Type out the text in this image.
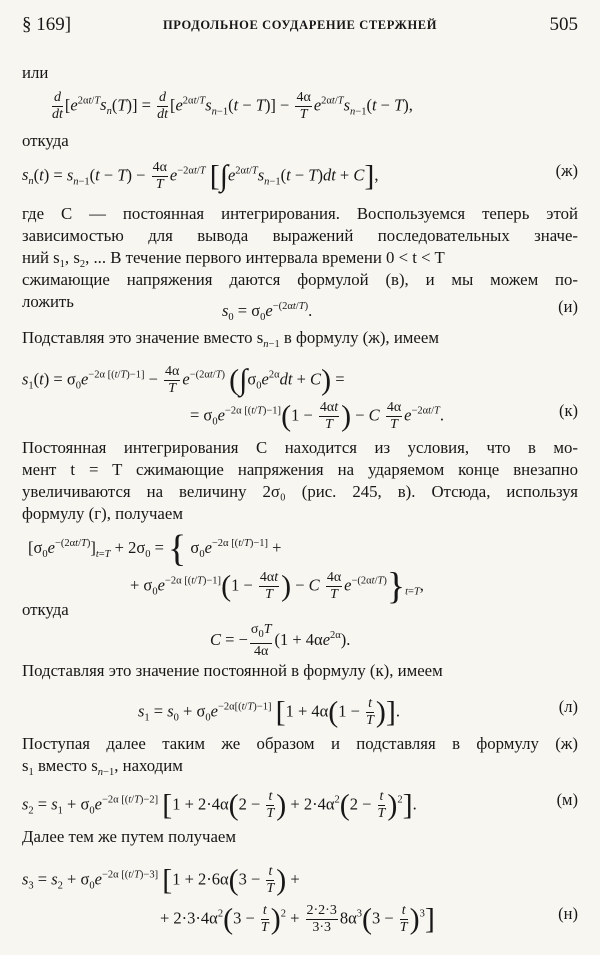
§ 169]	ПРОДОЛЬНОЕ СОУДАРЕНИЕ СТЕРЖНЕЙ	505
или
$\frac{d}{dt} [e^{2\alpha t/T}s_n(T)] = \frac{d}{dt} [e^{2\alpha t/T}s_{n-1}(t - T)] - \frac{4\alpha}{T} e^{2\alpha t/T}s_{n-1}(t - T)$,
откуда
$s_n(t) = s_{n-1}(t - T) - \frac{4\alpha}{T} e^{-2\alpha t/T}$ $[\int e^{2\alpha t/T}s_{n-1}(t - T)dt + C]$,	(ж)
где C — постоянная интегрирования. Воспользуемся теперь этой
зависимостью для вывода выражений последовательных значе-
ний $s_1$, $s_2$, ... В течение первого интервала времени 0 < t < T
сжимающие напряжения даются формулой (в), и мы можем по-
ложить	$s_0 = \sigma_0e^{-(2\alpha t/T)}$.	(и)
Подставляя это значение вместо $s_{n-1}$ в формулу (ж), имеем
$s_1(t) = \sigma_0e^{-2\alpha [(t/T)-1]} - \frac{4\alpha}{T} e^{-(2\alpha t/T)}$ $(\int\sigma_0e^{2\alpha}dt + C)$ =
= $\sigma_0e^{-2\alpha [(t/T)-1]}(1 - \frac{4\alpha t}{T}$ ) − C $\frac{4\alpha}{T} e^{-2\alpha t/T}$.	(к)
Постоянная интегрирования C находится из условия, что в мо-
мент t = T сжимающие напряжения на ударяемом конце внезапно
увеличиваются на величину 2σ₀ (рис. 245, в). Отсюда, используя
формулу (г), получаем
$[\sigma_0e^{-(2\alpha t/T)}]_{t=T} + 2\sigma_0$ = { $\sigma_0e^{-2\alpha [(t/T)-1]}$ +
+ $\sigma_0e^{-2\alpha [(t/T)-1]}(1 - \frac{4\alpha t}{T}$ ) − C $\frac{4\alpha}{T} e^{-(2\alpha t/T)}\}_{t=T}$,
откуда
C = − $\frac{\sigma_0T}{4\alpha} (1 + 4\alpha e^{2\alpha})$.
Подставляя это значение постоянной в формулу (к), имеем
$s_1 = s_0 + \sigma_0e^{-2\alpha[(t/T)-1]}$ [$1 + 4\alpha(1 - \frac{t}{T}$ )].	(л)
Поступая далее таким же образом и подставляя в формулу (ж)
$s_1$ вместо $s_{n-1}$, находим
$s_2 = s_1 + \sigma_0e^{-2\alpha [(t/T)-2]}$ [$1 + 2\cdot 4\alpha(2 - \frac{t}{T}$ ) + $2\cdot 4\alpha^2(2 - \frac{t}{T} )^2$].	(м)
Далее тем же путем получаем
$s_3 = s_2 + \sigma_0e^{-2\alpha [(t/T)-3]}$ [$1 + 2\cdot 6\alpha(3 - \frac{t}{T}$ ) +
+ $2\cdot 3\cdot 4\alpha^2(3 - \frac{t}{T} )^2 + \frac{2\cdot 2\cdot 3}{3\cdot 3} 8\alpha^3(3 - \frac{t}{T} )^3$]	(н)
